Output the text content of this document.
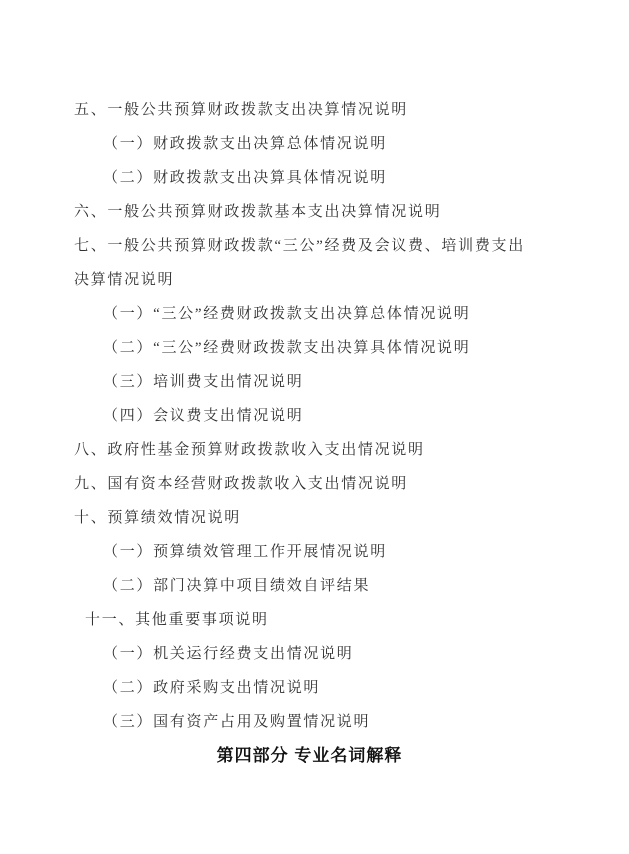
五、一般公共预算财政拨款支出决算情况说明
（一）财政拨款支出决算总体情况说明
（二）财政拨款支出决算具体情况说明
六、一般公共预算财政拨款基本支出决算情况说明
七、一般公共预算财政拨款“三公”经费及会议费、培训费支出
决算情况说明
（一）“三公”经费财政拨款支出决算总体情况说明
（二）“三公”经费财政拨款支出决算具体情况说明
（三）培训费支出情况说明
（四）会议费支出情况说明
八、政府性基金预算财政拨款收入支出情况说明
九、国有资本经营财政拨款收入支出情况说明
十、预算绩效情况说明
（一）预算绩效管理工作开展情况说明
（二）部门决算中项目绩效自评结果
十一、其他重要事项说明
（一）机关运行经费支出情况说明
（二）政府采购支出情况说明
（三）国有资产占用及购置情况说明
第四部分 专业名词解释
